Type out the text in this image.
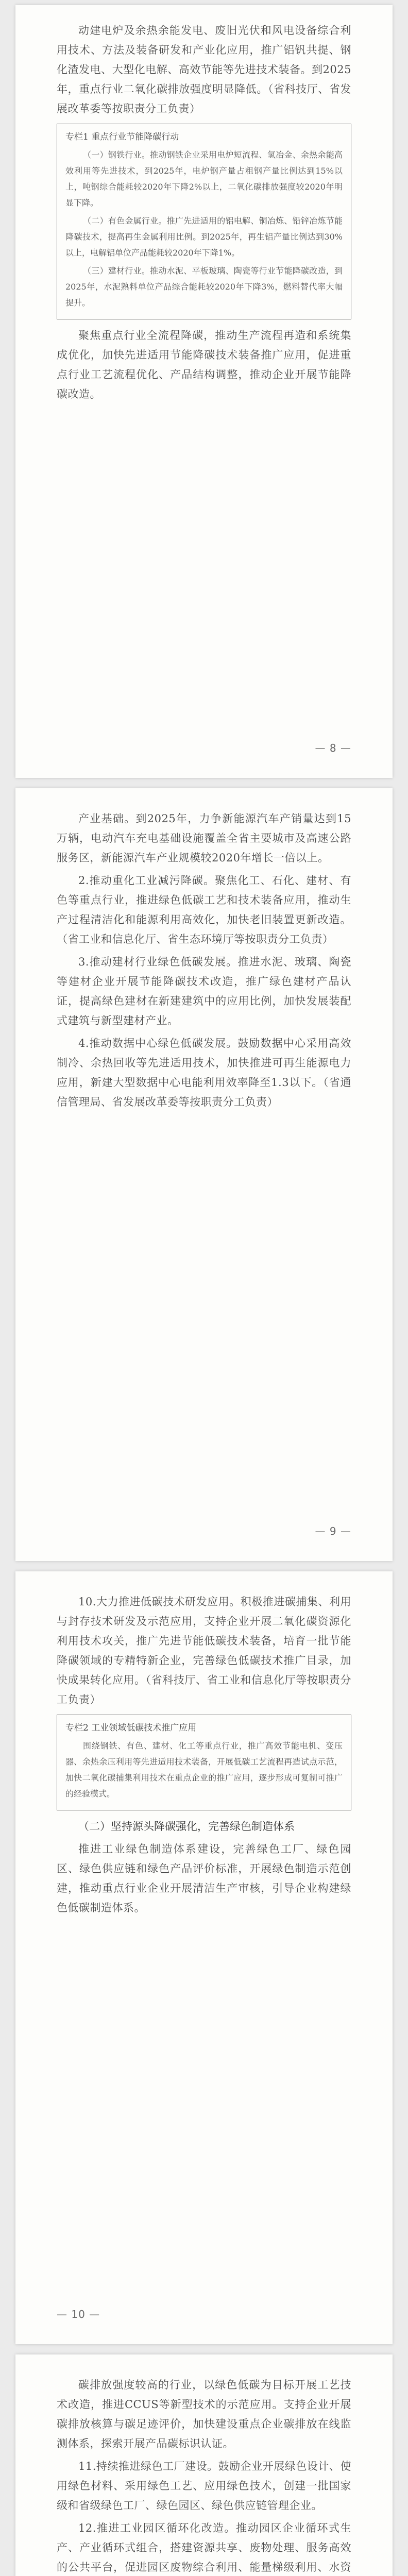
动建电炉及余热余能发电、废旧光伏和风电设备综合利用技术、方法及装备研发和产业化应用，推广铝钒共提、钢化渣发电、大型化电解、高效节能等先进技术装备。到2025年，重点行业二氧化碳排放强度明显降低。（省科技厅、省发展改革委等按职责分工负责）

专栏1 重点行业节能降碳行动

（一）钢铁行业。推动钢铁企业采用电炉短流程、氢冶金、余热余能高效利用等先进技术，到2025年，电炉钢产量占粗钢产量比例达到15%以上，吨钢综合能耗较2020年下降2%以上，二氧化碳排放强度较2020年明显下降。

（二）有色金属行业。推广先进适用的铝电解、铜冶炼、铅锌冶炼节能降碳技术，提高再生金属利用比例。到2025年，再生铝产量比例达到30%以上，电解铝单位产品能耗较2020年下降1%。

（三）建材行业。推动水泥、平板玻璃、陶瓷等行业节能降碳改造，到2025年，水泥熟料单位产品综合能耗较2020年下降3%，燃料替代率大幅提升。

聚焦重点行业全流程降碳，推动生产流程再造和系统集成优化，加快先进适用节能降碳技术装备推广应用，促进重点行业工艺流程优化、产品结构调整，推动企业开展节能降碳改造。

— 8 —

产业基础。到2025年，力争新能源汽车产销量达到15万辆，电动汽车充电基础设施覆盖全省主要城市及高速公路服务区，新能源汽车产业规模较2020年增长一倍以上。

2.推动重化工业减污降碳。聚焦化工、石化、建材、有色等重点行业，推进绿色低碳工艺和技术装备应用，推动生产过程清洁化和能源利用高效化，加快老旧装置更新改造。（省工业和信息化厅、省生态环境厅等按职责分工负责）

3.推动建材行业绿色低碳发展。推进水泥、玻璃、陶瓷等建材企业开展节能降碳技术改造，推广绿色建材产品认证，提高绿色建材在新建建筑中的应用比例，加快发展装配式建筑与新型建材产业。

4.推动数据中心绿色低碳发展。鼓励数据中心采用高效制冷、余热回收等先进适用技术，加快推进可再生能源电力应用，新建大型数据中心电能利用效率降至1.3以下。（省通信管理局、省发展改革委等按职责分工负责）

— 9 —

10.大力推进低碳技术研发应用。积极推进碳捕集、利用与封存技术研发及示范应用，支持企业开展二氧化碳资源化利用技术攻关，推广先进节能低碳技术装备，培育一批节能降碳领域的专精特新企业，完善绿色低碳技术推广目录，加快成果转化应用。（省科技厅、省工业和信息化厅等按职责分工负责）

专栏2 工业领域低碳技术推广应用

围绕钢铁、有色、建材、化工等重点行业，推广高效节能电机、变压器、余热余压利用等先进适用技术装备，开展低碳工艺流程再造试点示范，加快二氧化碳捕集利用技术在重点企业的推广应用，逐步形成可复制可推广的经验模式。

（二）坚持源头降碳强化，完善绿色制造体系

推进工业绿色制造体系建设，完善绿色工厂、绿色园区、绿色供应链和绿色产品评价标准，开展绿色制造示范创建，推动重点行业企业开展清洁生产审核，引导企业构建绿色低碳制造体系。

— 10 —

碳排放强度较高的行业，以绿色低碳为目标开展工艺技术改造，推进CCUS等新型技术的示范应用。支持企业开展碳排放核算与碳足迹评价，加快建设重点企业碳排放在线监测体系，探索开展产品碳标识认证。

11.持续推进绿色工厂建设。鼓励企业开展绿色设计、使用绿色材料、采用绿色工艺、应用绿色技术，创建一批国家级和省级绿色工厂、绿色园区、绿色供应链管理企业。

12.推进工业园区循环化改造。推动园区企业循环式生产、产业循环式组合，搭建资源共享、废物处理、服务高效的公共平台，促进园区废物综合利用、能量梯级利用、水资
